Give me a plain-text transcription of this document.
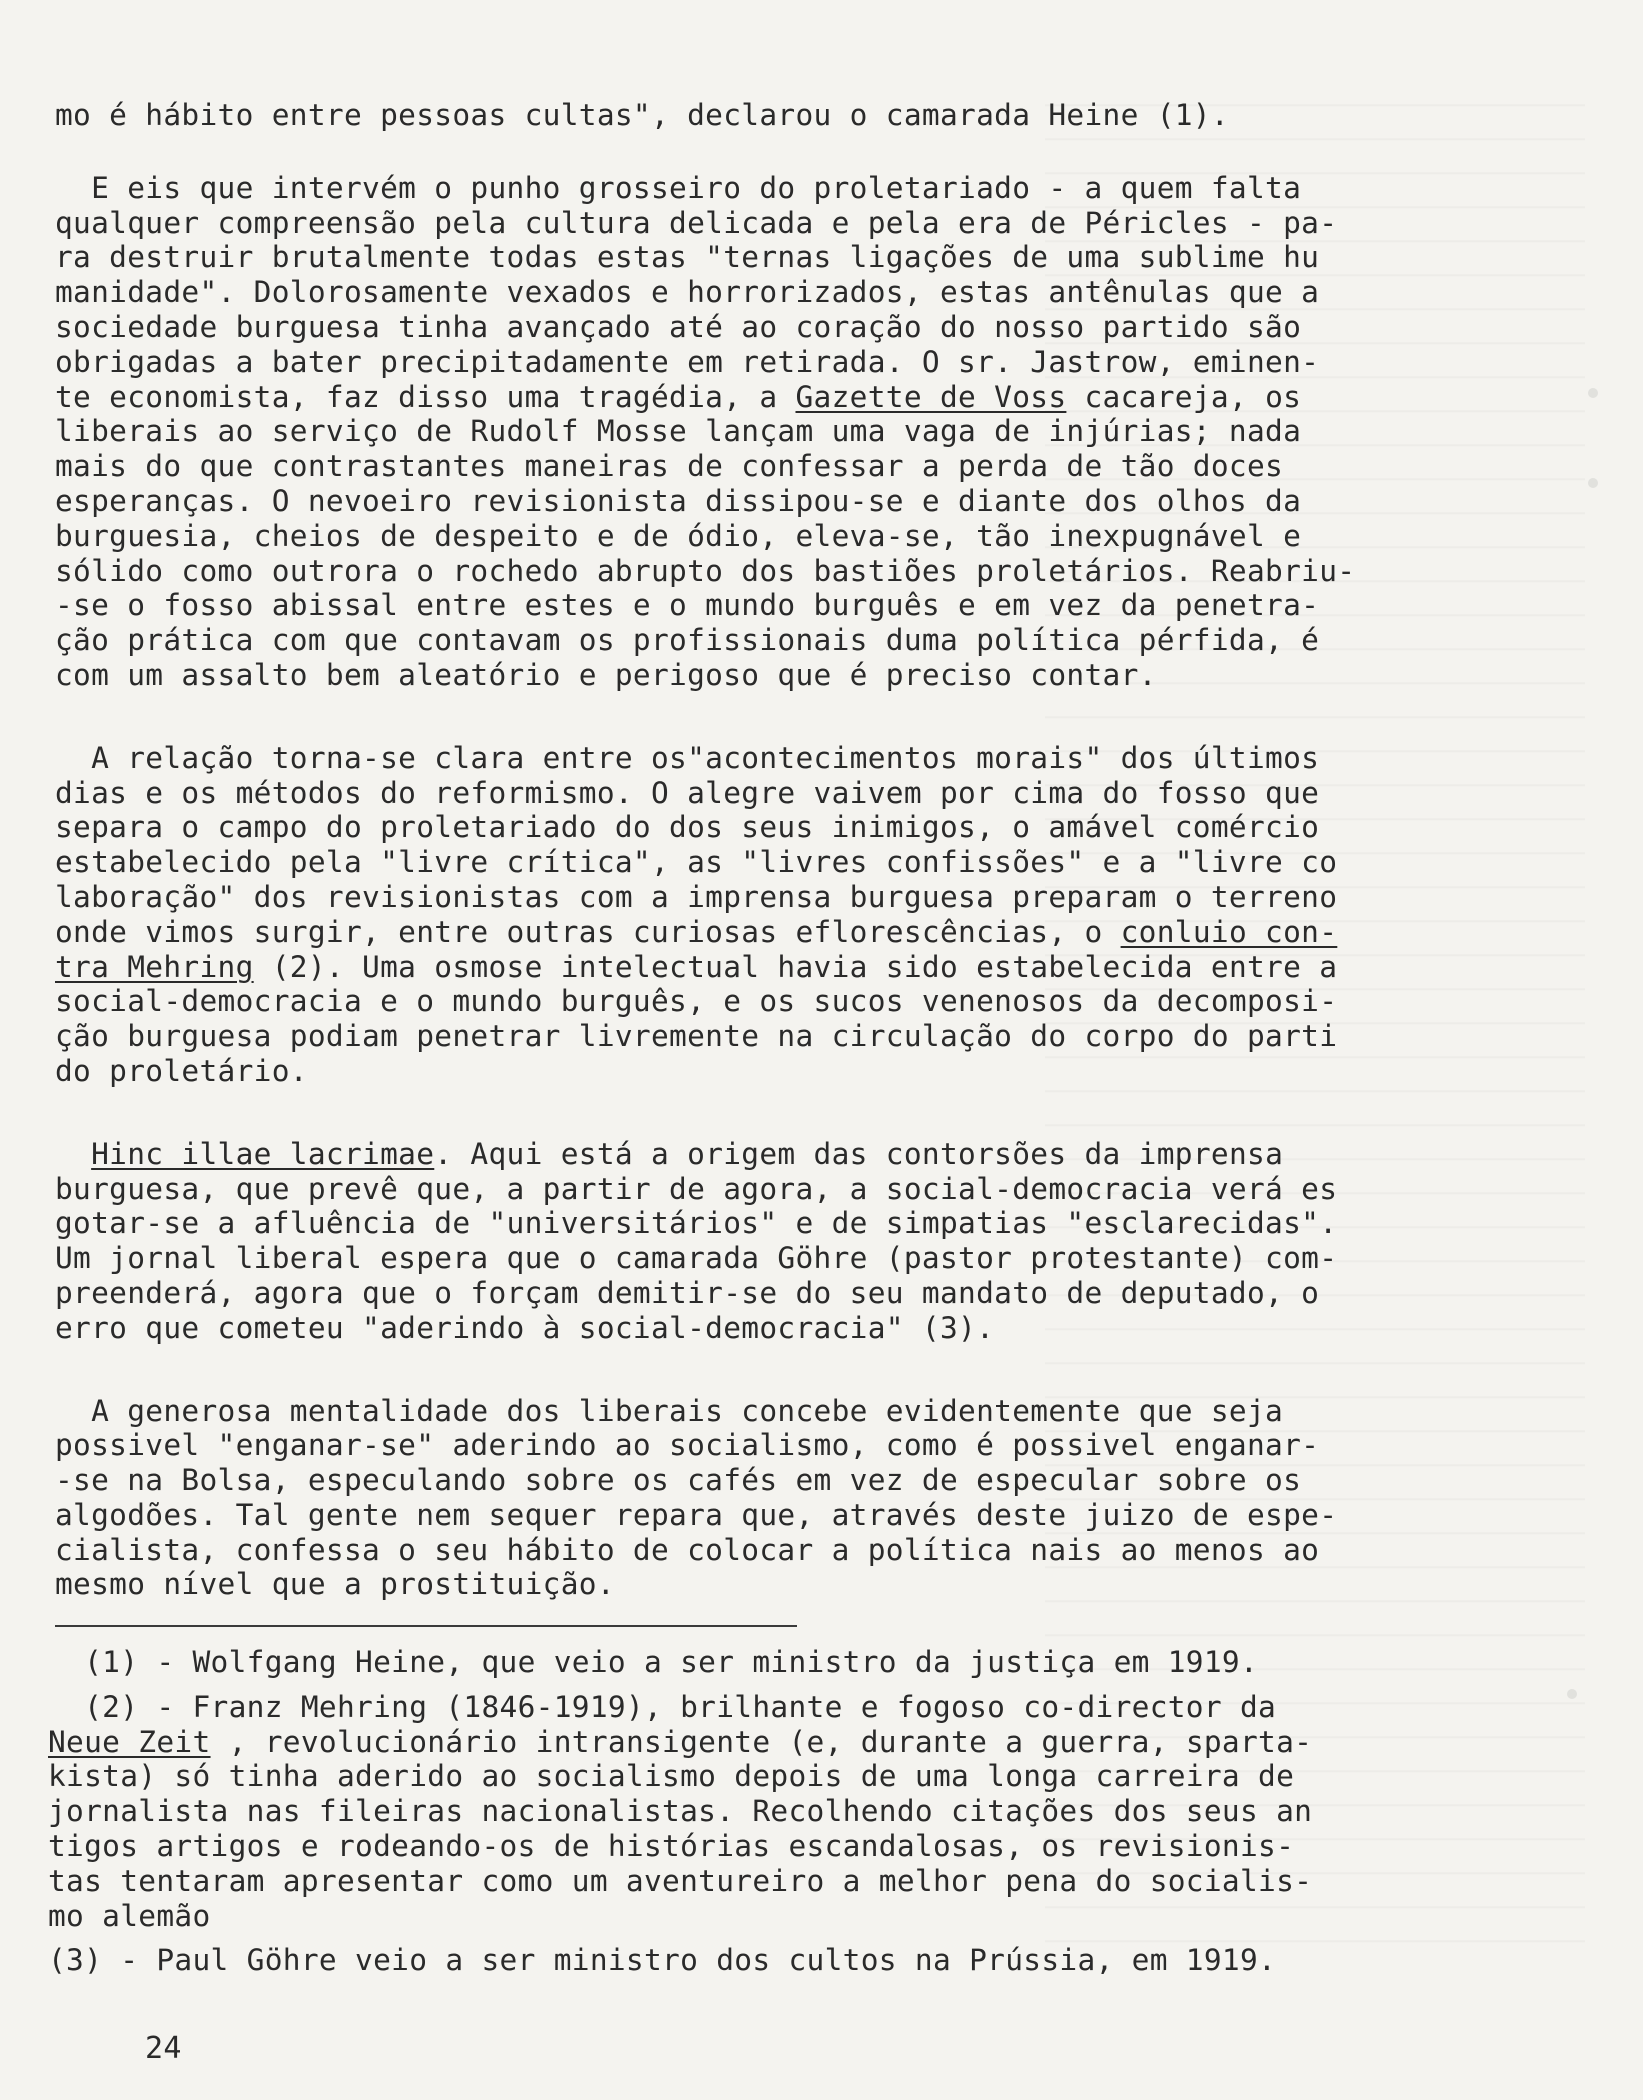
mo é hábito entre pessoas cultas", declarou o camarada Heine (1).

E eis que intervém o punho grosseiro do proletariado - a quem falta

qualquer compreensão pela cultura delicada e pela era de Péricles - pa-

ra destruir brutalmente todas estas "ternas ligações de uma sublime hu

manidade". Dolorosamente vexados e horrorizados, estas antênulas que a

sociedade burguesa tinha avançado até ao coração do nosso partido são

obrigadas a bater precipitadamente em retirada. O sr. Jastrow, eminen-

te economista, faz disso uma tragédia, a Gazette de Voss cacareja, os

liberais ao serviço de Rudolf Mosse lançam uma vaga de injúrias; nada

mais do que contrastantes maneiras de confessar a perda de tão doces

esperanças. O nevoeiro revisionista dissipou-se e diante dos olhos da

burguesia, cheios de despeito e de ódio, eleva-se, tão inexpugnável e

sólido como outrora o rochedo abrupto dos bastiões proletários. Reabriu-

-se o fosso abissal entre estes e o mundo burguês e em vez da penetra-

ção prática com que contavam os profissionais duma política pérfida, é

com um assalto bem aleatório e perigoso que é preciso contar.

A relação torna-se clara entre os"acontecimentos morais" dos últimos

dias e os métodos do reformismo. O alegre vaivem por cima do fosso que

separa o campo do proletariado do dos seus inimigos, o amável comércio

estabelecido pela "livre crítica", as "livres confissões" e a "livre co

laboração" dos revisionistas com a imprensa burguesa preparam o terreno

onde vimos surgir, entre outras curiosas eflorescências, o conluio con-

tra Mehring (2). Uma osmose intelectual havia sido estabelecida entre a

social-democracia e o mundo burguês, e os sucos venenosos da decomposi-

ção burguesa podiam penetrar livremente na circulação do corpo do parti

do proletário.

Hinc illae lacrimae. Aqui está a origem das contorsões da imprensa

burguesa, que prevê que, a partir de agora, a social-democracia verá es

gotar-se a afluência de "universitários" e de simpatias "esclarecidas".

Um jornal liberal espera que o camarada Göhre (pastor protestante) com-

preenderá, agora que o forçam demitir-se do seu mandato de deputado, o

erro que cometeu "aderindo à social-democracia" (3).

A generosa mentalidade dos liberais concebe evidentemente que seja

possivel "enganar-se" aderindo ao socialismo, como é possivel enganar-

-se na Bolsa, especulando sobre os cafés em vez de especular sobre os

algodões. Tal gente nem sequer repara que, através deste juizo de espe-

cialista, confessa o seu hábito de colocar a política nais ao menos ao

mesmo nível que a prostituição.

(1) - Wolfgang Heine, que veio a ser ministro da justiça em 1919.

(2) - Franz Mehring (1846-1919), brilhante e fogoso co-director da

Neue Zeit , revolucionário intransigente (e, durante a guerra, sparta-

kista) só tinha aderido ao socialismo depois de uma longa carreira de

jornalista nas fileiras nacionalistas. Recolhendo citações dos seus an

tigos artigos e rodeando-os de histórias escandalosas, os revisionis-

tas tentaram apresentar como um aventureiro a melhor pena do socialis-

mo alemão

(3) - Paul Göhre veio a ser ministro dos cultos na Prússia, em 1919.

24
